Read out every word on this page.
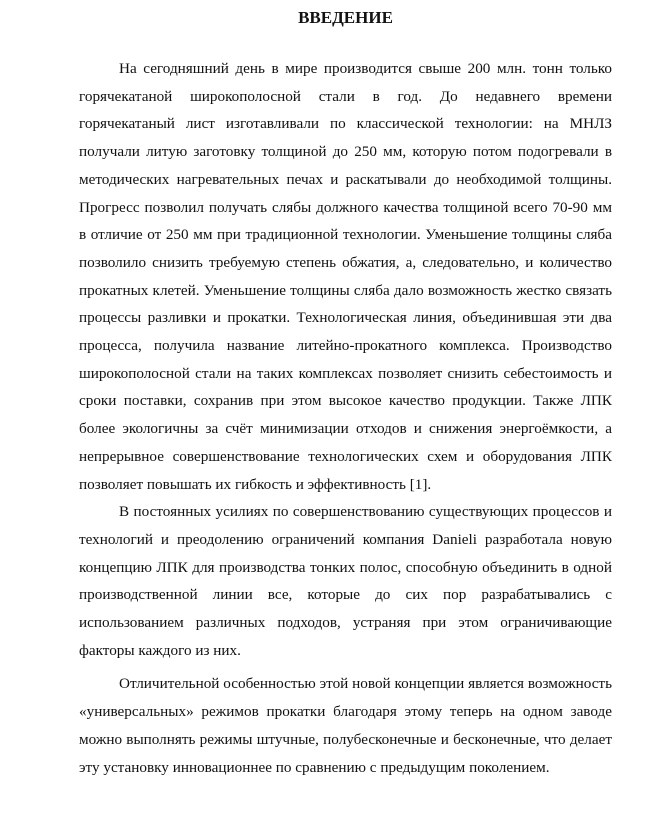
ВВЕДЕНИЕ

На сегодняшний день в мире производится свыше 200 млн. тонн только горячекатаной широкополосной стали в год. До недавнего времени горячекатаный лист изготавливали по классической технологии: на МНЛЗ получали литую заготовку толщиной до 250 мм, которую потом подогревали в методических нагревательных печах и раскатывали до необходимой толщины. Прогресс позволил получать слябы должного качества толщиной всего 70-90 мм в отличие от 250 мм при традиционной технологии. Уменьшение толщины сляба позволило снизить требуемую степень обжатия, а, следовательно, и количество прокатных клетей. Уменьшение толщины сляба дало возможность жестко связать процессы разливки и прокатки. Технологическая линия, объединившая эти два процесса, получила название литейно-прокатного комплекса. Производство широкополосной стали на таких комплексах позволяет снизить себестоимость и сроки поставки, сохранив при этом высокое качество продукции. Также ЛПК более экологичны за счёт минимизации отходов и снижения энергоёмкости, а непрерывное совершенствование технологических схем и оборудования ЛПК позволяет повышать их гибкость и эффективность [1].

В постоянных усилиях по совершенствованию существующих процессов и технологий и преодолению ограничений компания Danieli разработала новую концепцию ЛПК для производства тонких полос, способную объединить в одной производственной линии все, которые до сих пор разрабатывались с использованием различных подходов, устраняя при этом ограничивающие факторы каждого из них.

Отличительной особенностью этой новой концепции является возможность «универсальных» режимов прокатки благодаря этому теперь на одном заводе можно выполнять режимы штучные, полубесконечные и бесконечные, что делает эту установку инновационнее по сравнению с предыдущим поколением.
